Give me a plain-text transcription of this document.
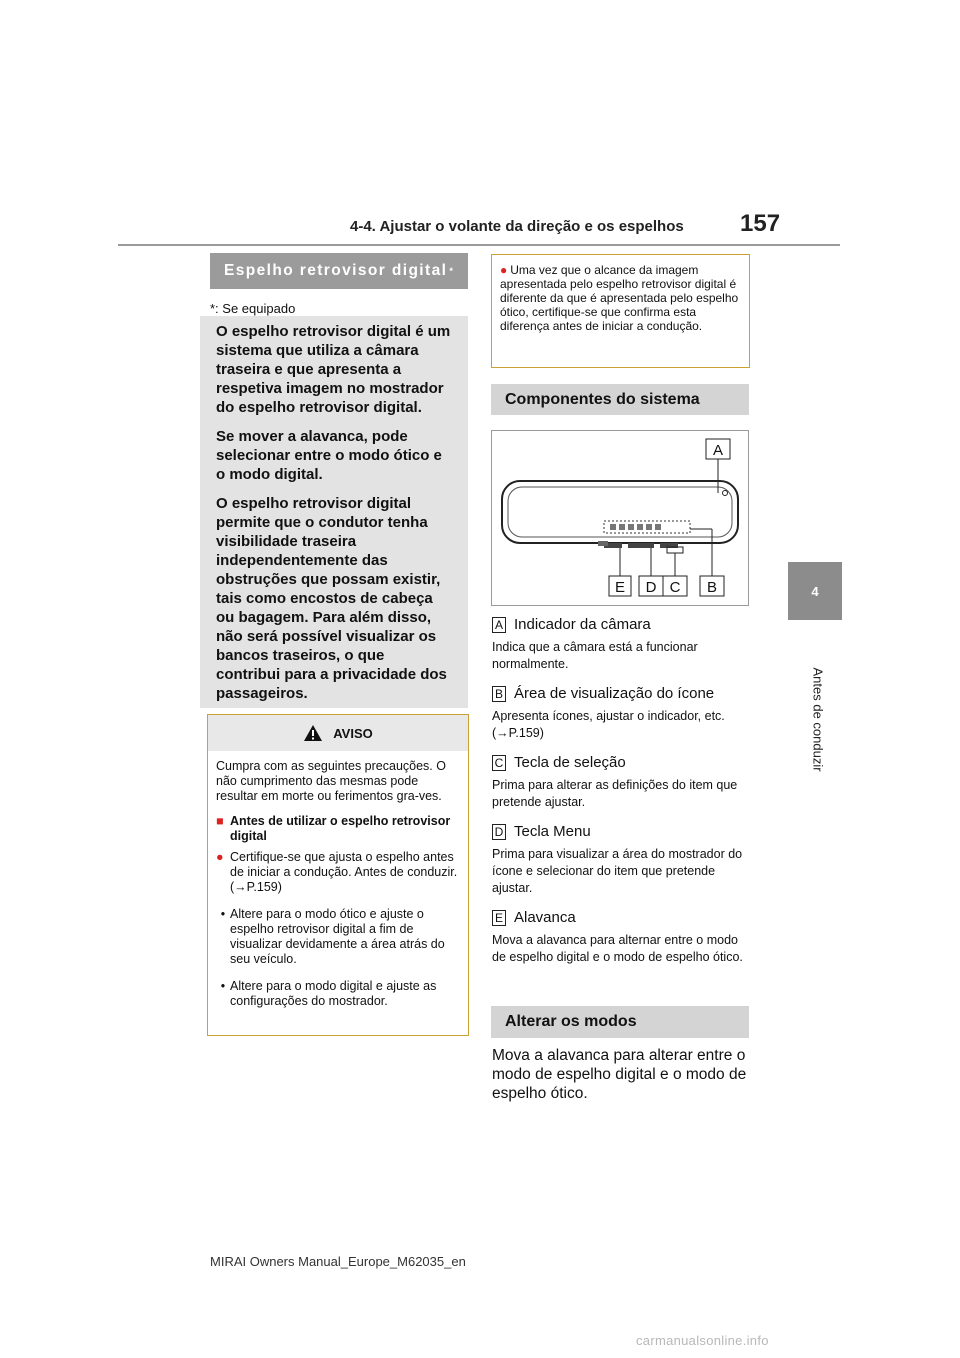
4-4. Ajustar o volante da direção e os espelhos 157
4
Antes de conduzir
Espelho retrovisor digital *
*: Se equipado

O espelho retrovisor digital é um sistema que utiliza a câmara traseira e que apresenta a respetiva imagem no mostrador do espelho retrovisor digital.

Se mover a alavanca, pode selecionar entre o modo ótico e o modo digital.

O espelho retrovisor digital permite que o condutor tenha visibilidade traseira independentemente das obstruções que possam existir, tais como encostos de cabeça ou bagagem. Para além disso, não será possível visualizar os bancos traseiros, o que contribui para a privacidade dos passageiros.

AVISO
Cumpra com as seguintes precauções. O não cumprimento das mesmas pode resultar em morte ou ferimentos gra-ves.
■ Antes de utilizar o espelho retrovisor digital
● Certifique-se que ajusta o espelho antes de iniciar a condução. Antes de conduzir. (→P.159)
• Altere para o modo ótico e ajuste o espelho retrovisor digital a fim de visualizar devidamente a área atrás do seu veículo.
• Altere para o modo digital e ajuste as configurações do mostrador.
● Uma vez que o alcance da imagem apresentada pelo espelho retrovisor digital é diferente da que é apresentada pelo espelho ótico, certifique-se que confirma esta diferença antes de iniciar a condução.
Componentes do sistema
A
E D C B
A Indicador da câmara
Indica que a câmara está a funcionar normalmente.
B Área de visualização do ícone
Apresenta ícones, ajustar o indicador, etc. (→P.159)
C Tecla de seleção
Prima para alterar as definições do item que pretende ajustar.
D Tecla Menu
Prima para visualizar a área do mostrador do ícone e selecionar do item que pretende ajustar.
E Alavanca
Mova a alavanca para alternar entre o modo de espelho digital e o modo de espelho ótico.
Alterar os modos
Mova a alavanca para alterar entre o modo de espelho digital e o modo de espelho ótico.
MIRAI Owners Manual_Europe_M62035_en
carmanualsonline.info
